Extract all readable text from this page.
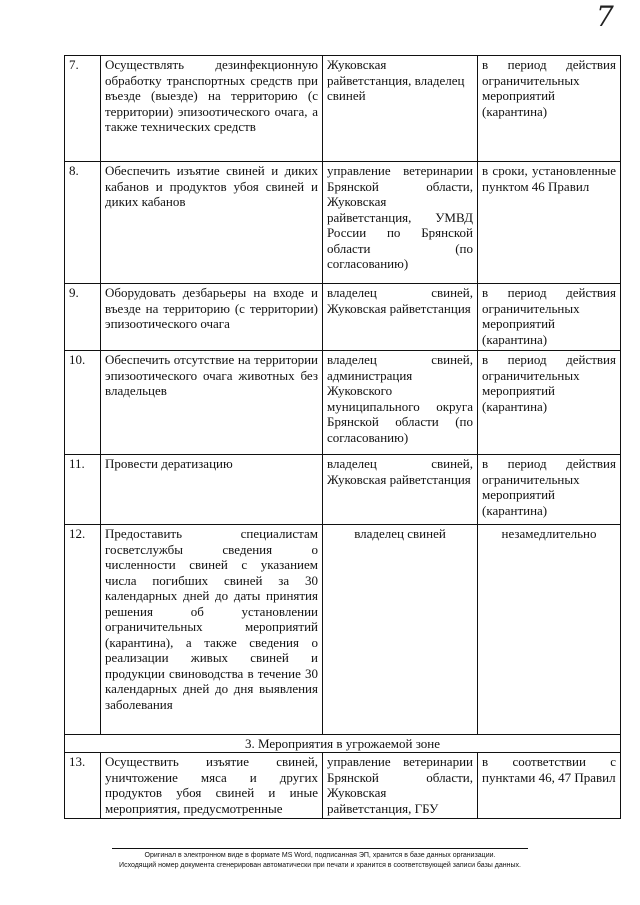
7
7.	Осуществлять дезинфекционную обработку транспортных средств при въезде (выезде) на территорию (с территории) эпизоотического очага, а также технических средств	Жуковская райветстанция, владелец свиней	в период действия ограничительных мероприятий (карантина)
8.	Обеспечить изъятие свиней и диких кабанов и продуктов убоя свиней и диких кабанов	управление ветеринарии Брянской области, Жуковская райветстанция, УМВД России по Брянской области (по согласованию)	в сроки, установленные пунктом 46 Правил
9.	Оборудовать дезбарьеры на входе и въезде на территорию (с территории) эпизоотического очага	владелец свиней, Жуковская райветстанция	в период действия ограничительных мероприятий (карантина)
10.	Обеспечить отсутствие на территории эпизоотического очага животных без владельцев	владелец свиней, администрация Жуковского муниципального округа Брянской области (по согласованию)	в период действия ограничительных мероприятий (карантина)
11.	Провести дератизацию	владелец свиней, Жуковская райветстанция	в период действия ограничительных мероприятий (карантина)
12.	Предоставить специалистам госветслужбы сведения о численности свиней с указанием числа погибших свиней за 30 календарных дней до даты принятия решения об установлении ограничительных мероприятий (карантина), а также сведения о реализации живых свиней и продукции свиноводства в течение 30 календарных дней до дня выявления заболевания	владелец свиней	незамедлительно
3. Мероприятия в угрожаемой зоне			
13.	Осуществить изъятие свиней, уничтожение мяса и других продуктов убоя свиней и иные мероприятия, предусмотренные	управление ветеринарии Брянской области, Жуковская райветстанция, ГБУ	в соответствии с пунктами 46, 47 Правил
Оригинал в электронном виде в формате MS Word, подписанная ЭП, хранится в базе данных организации.
Исходящий номер документа сгенерирован автоматически при печати и хранится в соответствующей записи базы данных.
